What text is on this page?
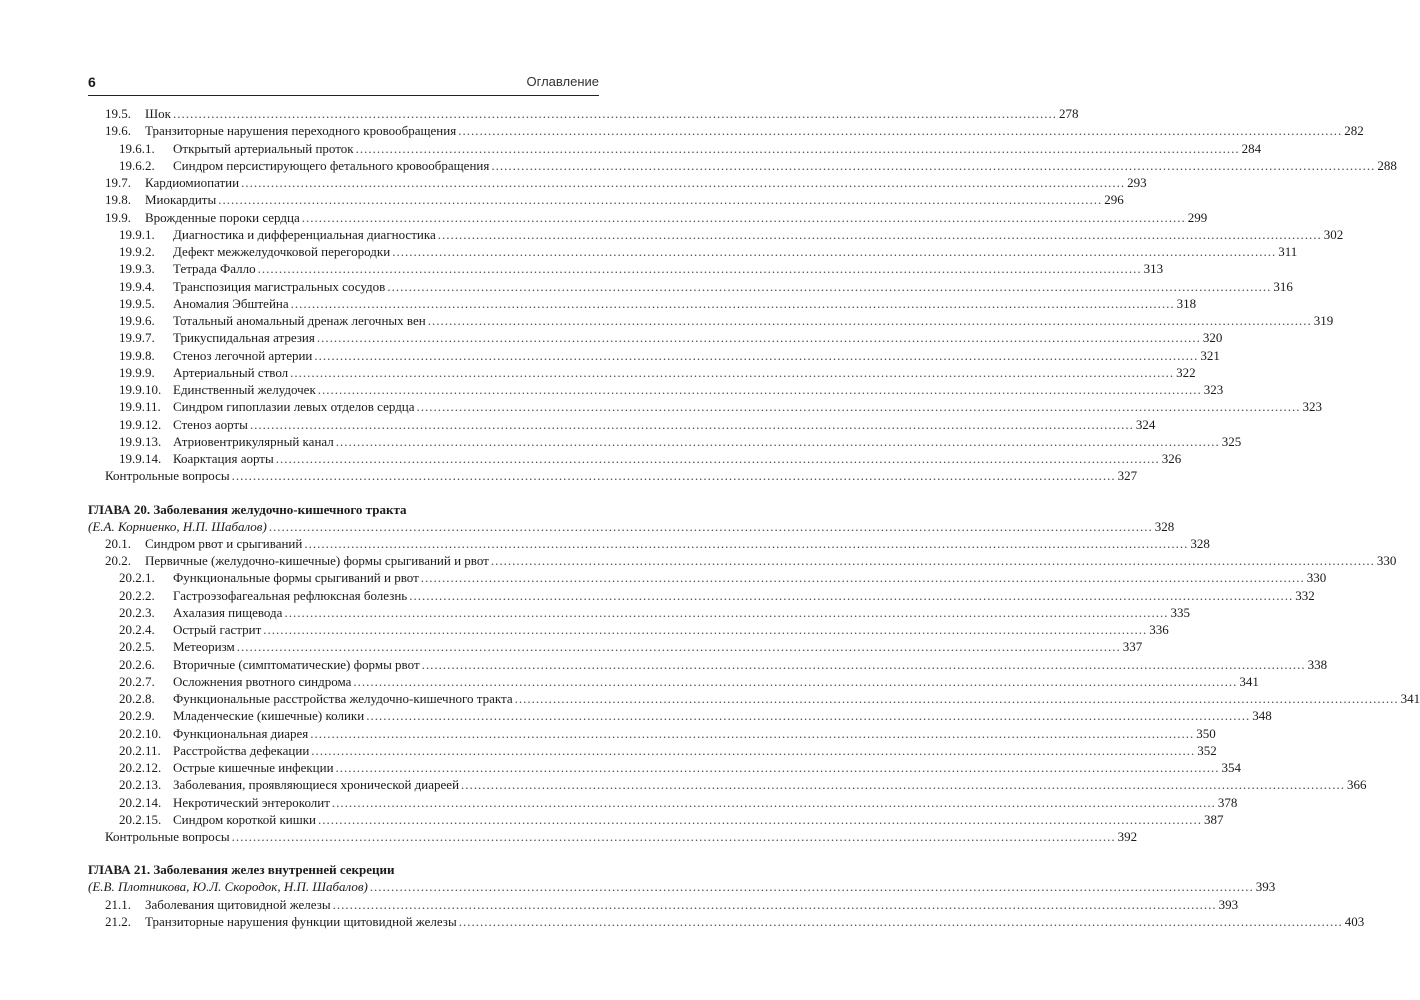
6	Оглавление
19.5.	Шок .....	278
19.6.	Транзиторные нарушения переходного кровообращения .....	282
19.6.1.	Открытый артериальный проток .....	284
19.6.2.	Синдром персистирующего фетального кровообращения .....	288
19.7.	Кардиомиопатии .....	293
19.8.	Миокардиты .....	296
19.9.	Врожденные пороки сердца .....	299
19.9.1.	Диагностика и дифференциальная диагностика .....	302
19.9.2.	Дефект межжелудочковой перегородки .....	311
19.9.3.	Тетрада Фалло .....	313
19.9.4.	Транспозиция магистральных сосудов .....	316
19.9.5.	Аномалия Эбштейна .....	318
19.9.6.	Тотальный аномальный дренаж легочных вен .....	319
19.9.7.	Трикуспидальная атрезия .....	320
19.9.8.	Стеноз легочной артерии .....	321
19.9.9.	Артериальный ствол .....	322
19.9.10. Единственный желудочек .....	323
19.9.11. Синдром гипоплазии левых отделов сердца .....	323
19.9.12. Стеноз аорты .....	324
19.9.13. Атриовентрикулярный канал .....	325
19.9.14. Коарктация аорты .....	326
Контрольные вопросы .....	327
ГЛАВА 20. Заболевания желудочно-кишечного тракта
(Е.А. Корниенко, Н.П. Шабалов) .....	328
20.1.	Синдром рвот и срыгиваний .....	328
20.2.	Первичные (желудочно-кишечные) формы срыгиваний и рвот .....	330
20.2.1.	Функциональные формы срыгиваний и рвот .....	330
20.2.2.	Гастроэзофагеальная рефлюксная болезнь .....	332
20.2.3.	Ахалазия пищевода .....	335
20.2.4.	Острый гастрит .....	336
20.2.5.	Метеоризм .....	337
20.2.6.	Вторичные (симптоматические) формы рвот .....	338
20.2.7.	Осложнения рвотного синдрома .....	341
20.2.8.	Функциональные расстройства желудочно-кишечного тракта .....	341
20.2.9.	Младенческие (кишечные) колики .....	348
20.2.10. Функциональная диарея .....	350
20.2.11. Расстройства дефекации .....	352
20.2.12. Острые кишечные инфекции .....	354
20.2.13. Заболевания, проявляющиеся хронической диареей .....	366
20.2.14. Некротический энтероколит .....	378
20.2.15. Синдром короткой кишки .....	387
Контрольные вопросы .....	392
ГЛАВА 21. Заболевания желез внутренней секреции
(Е.В. Плотникова, Ю.Л. Скородок, Н.П. Шабалов) .....	393
21.1.	Заболевания щитовидной железы .....	393
21.2.	Транзиторные нарушения функции щитовидной железы .....	403
